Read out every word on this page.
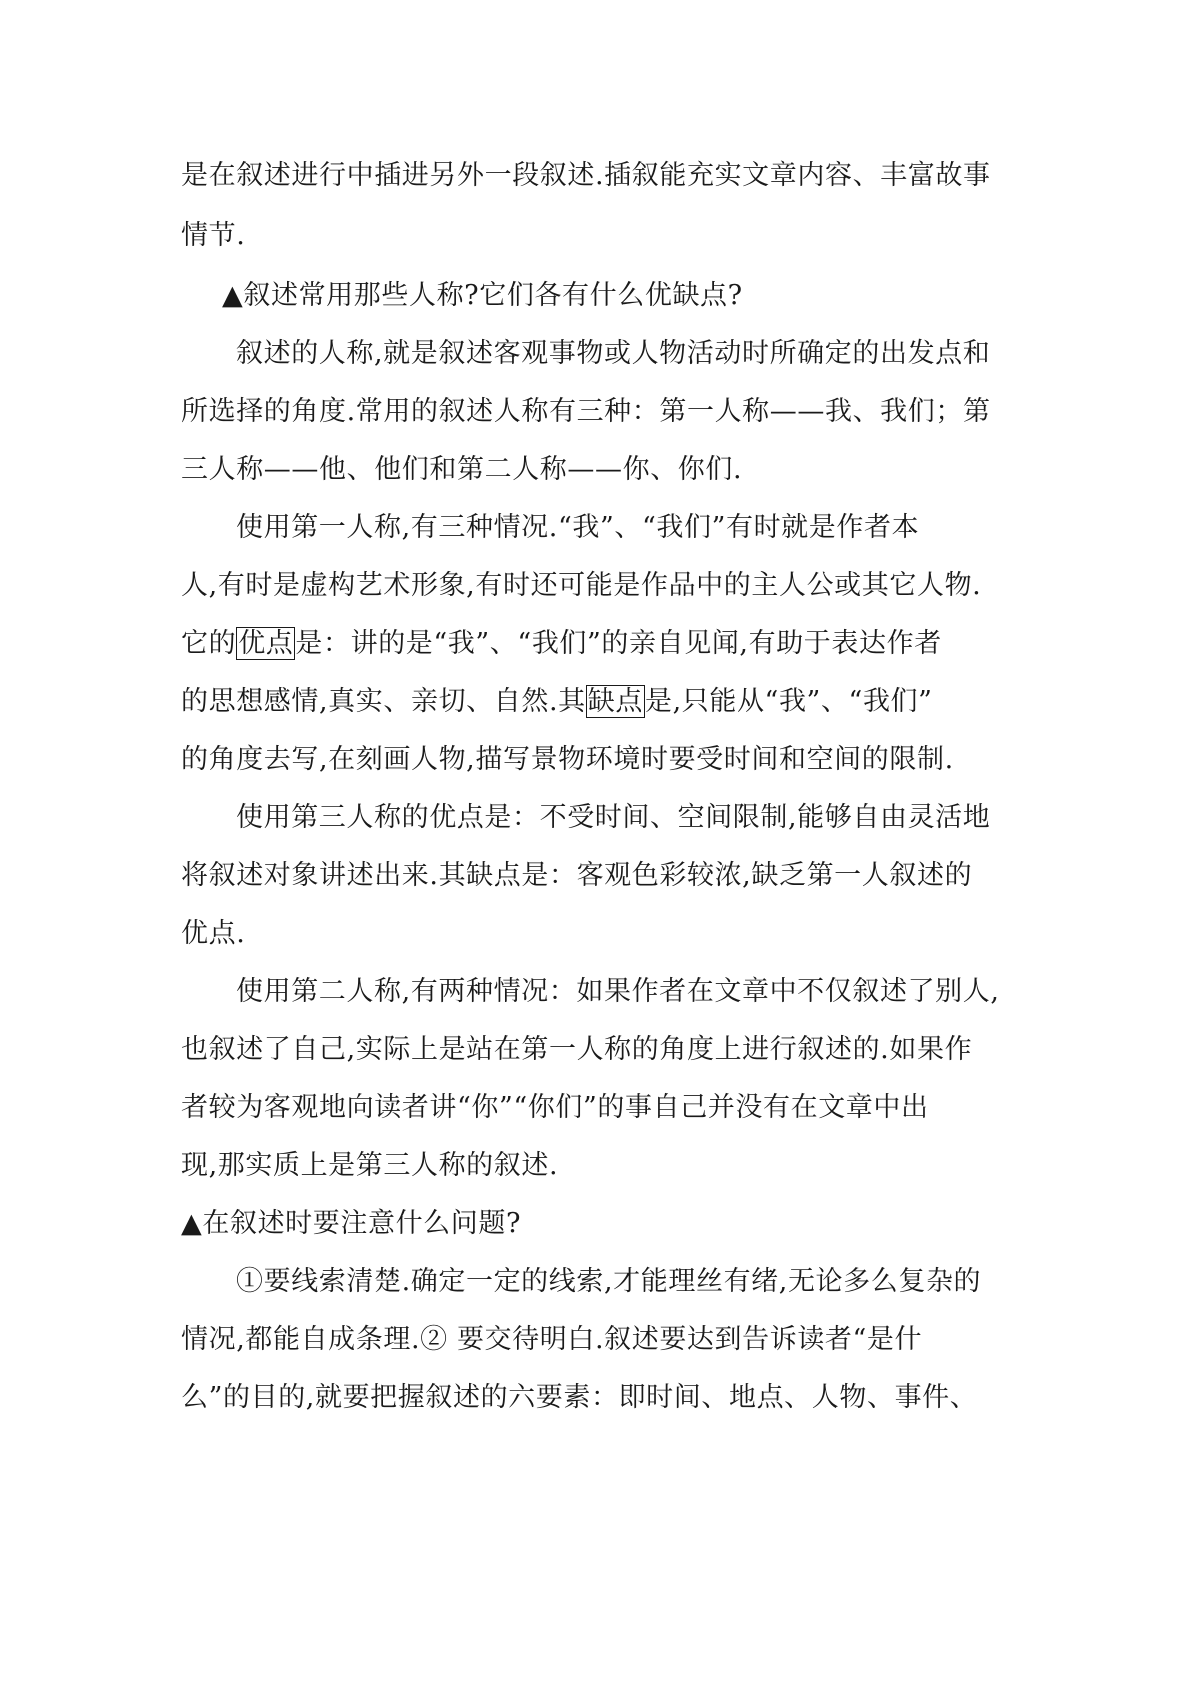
是在叙述进行中插进另外一段叙述.插叙能充实文章内容、丰富故事
情节.
▲叙述常用那些人称?它们各有什么优缺点?
叙述的人称,就是叙述客观事物或人物活动时所确定的出发点和
所选择的角度.常用的叙述人称有三种：第一人称——我、我们；第
三人称——他、他们和第二人称——你、你们.
使用第一人称,有三种情况.“我”、“我们”有时就是作者本
人,有时是虚构艺术形象,有时还可能是作品中的主人公或其它人物.
它的优点是：讲的是“我”、“我们”的亲自见闻,有助于表达作者
的思想感情,真实、亲切、自然.其缺点是,只能从“我”、“我们”
的角度去写,在刻画人物,描写景物环境时要受时间和空间的限制.
使用第三人称的优点是：不受时间、空间限制,能够自由灵活地
将叙述对象讲述出来.其缺点是：客观色彩较浓,缺乏第一人叙述的
优点.
使用第二人称,有两种情况：如果作者在文章中不仅叙述了别人,
也叙述了自己,实际上是站在第一人称的角度上进行叙述的.如果作
者较为客观地向读者讲“你”“你们”的事自己并没有在文章中出
现,那实质上是第三人称的叙述.
▲在叙述时要注意什么问题?
①要线索清楚.确定一定的线索,才能理丝有绪,无论多么复杂的
情况,都能自成条理.② 要交待明白.叙述要达到告诉读者“是什
么”的目的,就要把握叙述的六要素：即时间、地点、人物、事件、
